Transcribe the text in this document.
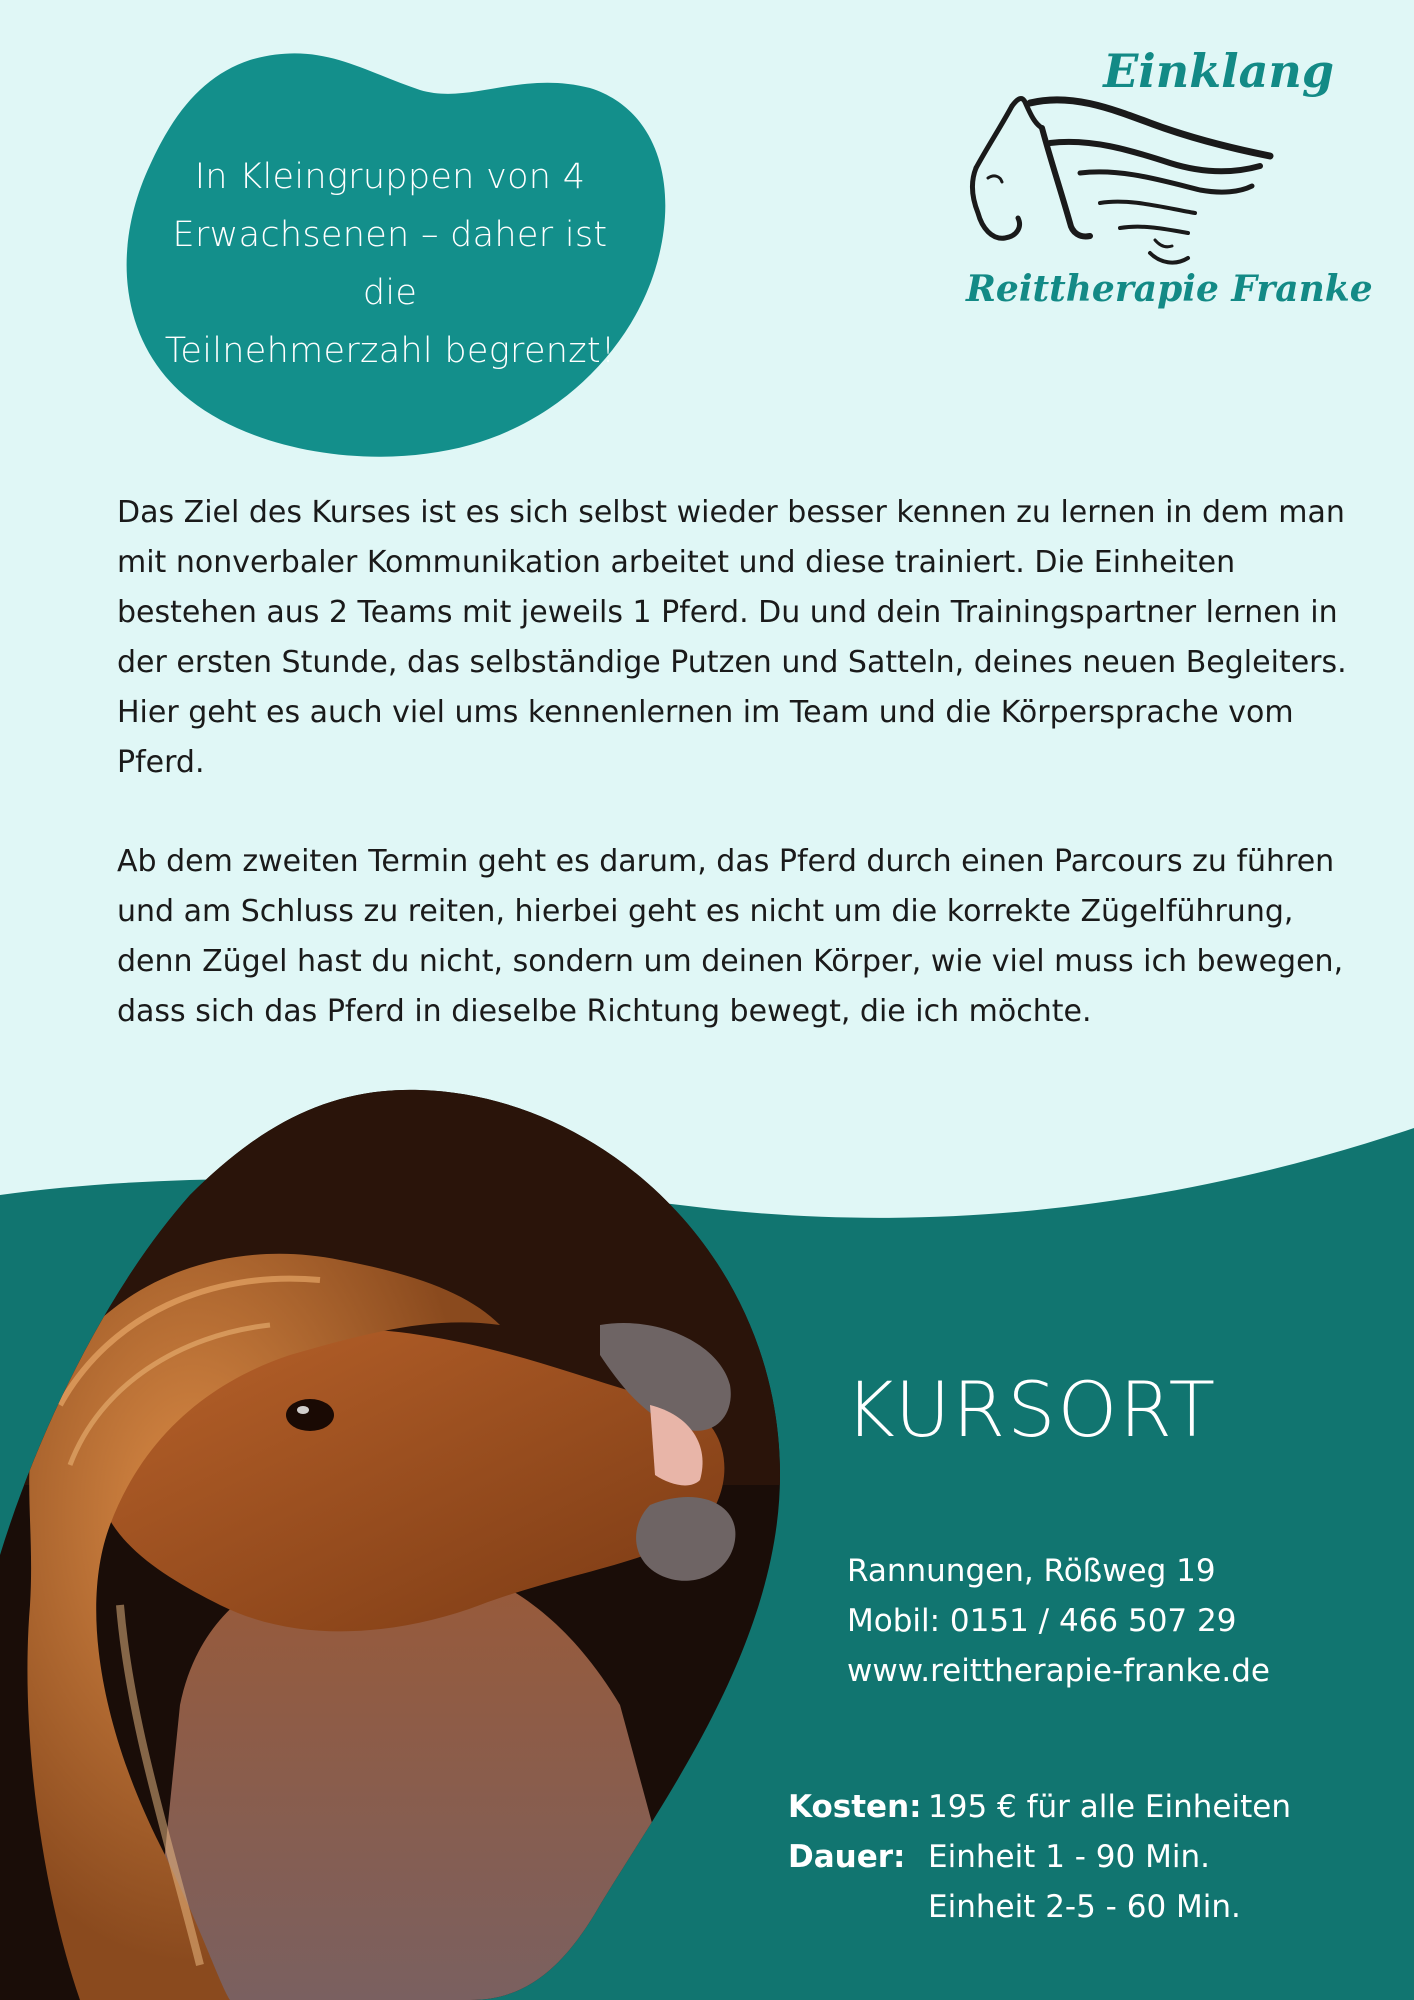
In Kleingruppen von 4
Erwachsenen – daher ist die
Teilnehmerzahl begrenzt!
Einklang
Reittherapie Franke

Das Ziel des Kurses ist es sich selbst wieder besser kennen zu lernen in dem man mit nonverbaler Kommunikation arbeitet und diese trainiert. Die Einheiten bestehen aus 2 Teams mit jeweils 1 Pferd. Du und dein Trainingspartner lernen in der ersten Stunde, das selbständige Putzen und Satteln, deines neuen Begleiters. Hier geht es auch viel ums kennenlernen im Team und die Körpersprache vom Pferd.

Ab dem zweiten Termin geht es darum, das Pferd durch einen Parcours zu führen und am Schluss zu reiten, hierbei geht es nicht um die korrekte Zügelführung, denn Zügel hast du nicht, sondern um deinen Körper, wie viel muss ich bewegen, dass sich das Pferd in dieselbe Richtung bewegt, die ich möchte.

KURSORT
Rannungen, Rößweg 19
Mobil: 0151 / 466 507 29
www.reittherapie-franke.de
Kosten: 195 € für alle Einheiten
Dauer: Einheit 1 - 90 Min.
Einheit 2-5 - 60 Min.
